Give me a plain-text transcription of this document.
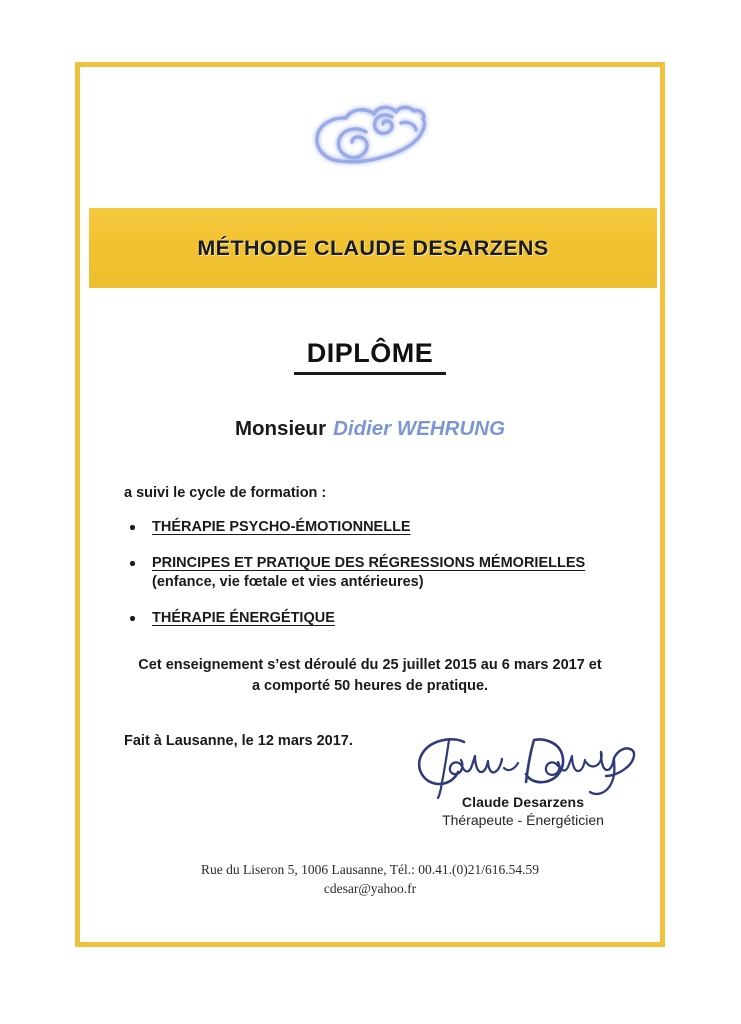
MÉTHODE CLAUDE DESARZENS
DIPLÔME
Monsieur Didier WEHRUNG
a suivi le cycle de formation :
THÉRAPIE PSYCHO-ÉMOTIONNELLE
PRINCIPES ET PRATIQUE DES RÉGRESSIONS MÉMORIELLES
(enfance, vie fœtale et vies antérieures)
THÉRAPIE ÉNERGÉTIQUE
Cet enseignement s’est déroulé du 25 juillet 2015 au 6 mars 2017 et a comporté 50 heures de pratique.
Fait à Lausanne, le 12 mars 2017.
Claude Desarzens
Thérapeute - Énergéticien
Rue du Liseron 5, 1006 Lausanne, Tél.: 00.41.(0)21/616.54.59
cdesar@yahoo.fr
